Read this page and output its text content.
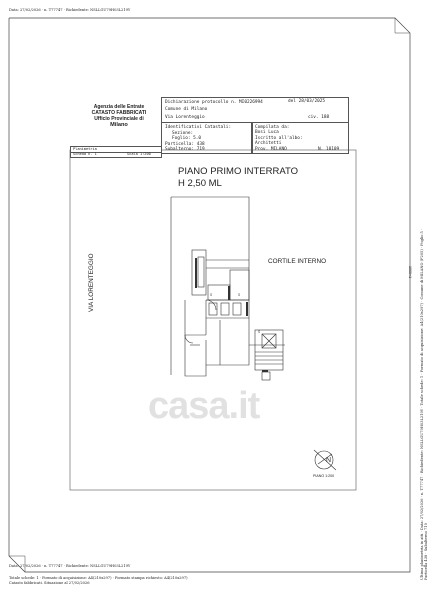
Data: 27/02/2026 · n. T77747 · Richiedente: NSLLGU79H03L219Y
Agenzia delle Entrate
CATASTO FABBRICATI
Ufficio Provinciale di
Milano
Dichiarazione protocollo n. MI0226994	del 28/03/2025
Comune di Milano
Via Lorenteggio	civ. 188
Identificativi Catastali:
Sezione:
Foglio: 5.0
Particella: 438
Subalterno: 719
Compilata da:
Bosi Luca
Iscritto all'albo:
Architetti
Prov. MILANO	N. 10109
Planimetria
Scheda n. 1	Scala 1:200
PIANO PRIMO INTERRATO
H 2,50 ML
CORTILE INTERNO
VIA LORENTEGGIO	S	S
S
casa.it
N
PIANO 1:200
1000×1 Ultima planimetria in atti · Data: 27/02/2026 · n. T77747 · Richiedente: NSLLGU79H03L219Y · Totale schede: 1 · Formato di acquisizione: A4(210x297) · Comune di MILANO (F205) · Foglio 5 · Particella 438 · Subalterno 719
Data: 27/02/2026 · n. T77747 · Richiedente: NSLLGU79H03L219Y
Totale schede: 1 · Formato di acquisizione: A4(210x297) · Formato stampa richiesto: A4(210x297)
Catasto fabbricati. Situazione al 27/02/2026
